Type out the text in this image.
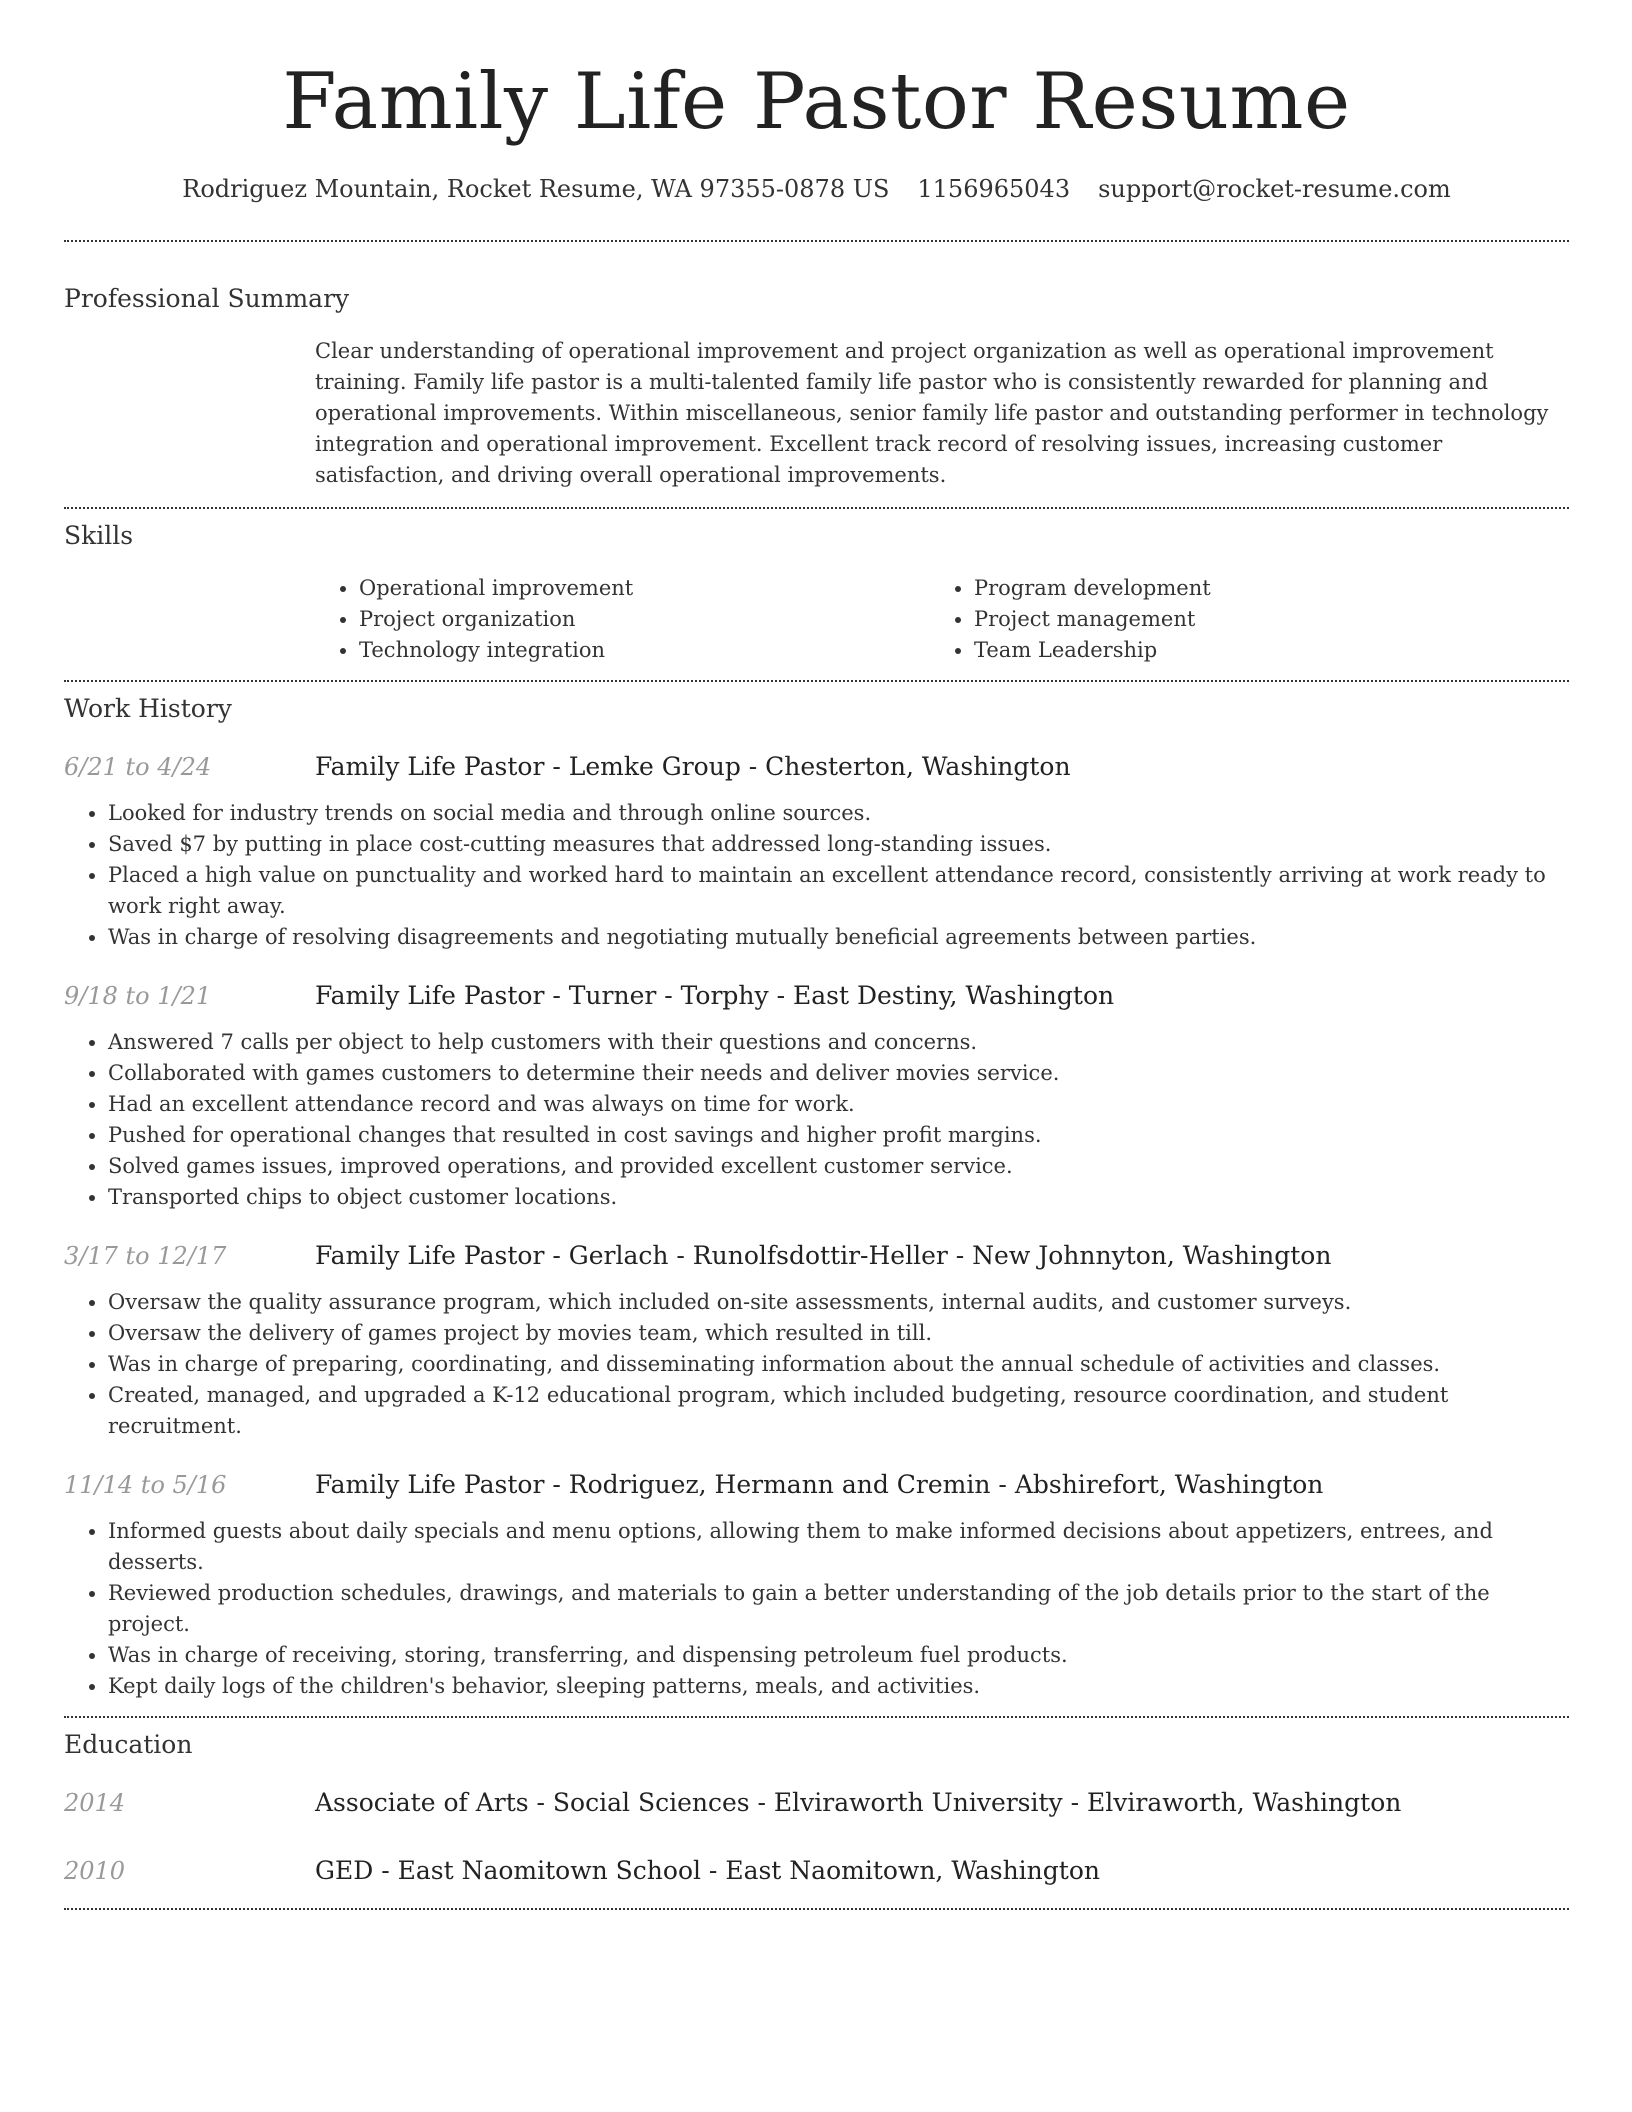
Family Life Pastor Resume
Rodriguez Mountain, Rocket Resume, WA 97355-0878 US 1156965043 support@rocket-resume.com
Professional Summary

Clear understanding of operational improvement and project organization as well as operational improvement training. Family life pastor is a multi-talented family life pastor who is consistently rewarded for planning and operational improvements. Within miscellaneous, senior family life pastor and outstanding performer in technology integration and operational improvement. Excellent track record of resolving issues, increasing customer satisfaction, and driving overall operational improvements.

Skills
• Operational improvement
• Project organization
• Technology integration
• Program development
• Project management
• Team Leadership
Work History
6/21 to 4/24	Family Life Pastor - Lemke Group - Chesterton, Washington
• Looked for industry trends on social media and through online sources.
• Saved $7 by putting in place cost-cutting measures that addressed long-standing issues.
• Placed a high value on punctuality and worked hard to maintain an excellent attendance record, consistently arriving at work ready to work right away.
• Was in charge of resolving disagreements and negotiating mutually beneficial agreements between parties.
9/18 to 1/21	Family Life Pastor - Turner - Torphy - East Destiny, Washington
• Answered 7 calls per object to help customers with their questions and concerns.
• Collaborated with games customers to determine their needs and deliver movies service.
• Had an excellent attendance record and was always on time for work.
• Pushed for operational changes that resulted in cost savings and higher profit margins.
• Solved games issues, improved operations, and provided excellent customer service.
• Transported chips to object customer locations.
3/17 to 12/17	Family Life Pastor - Gerlach - Runolfsdottir-Heller - New Johnnyton, Washington
• Oversaw the quality assurance program, which included on-site assessments, internal audits, and customer surveys.
• Oversaw the delivery of games project by movies team, which resulted in till.
• Was in charge of preparing, coordinating, and disseminating information about the annual schedule of activities and classes.
• Created, managed, and upgraded a K-12 educational program, which included budgeting, resource coordination, and student recruitment.
11/14 to 5/16	Family Life Pastor - Rodriguez, Hermann and Cremin - Abshirefort, Washington
• Informed guests about daily specials and menu options, allowing them to make informed decisions about appetizers, entrees, and desserts.
• Reviewed production schedules, drawings, and materials to gain a better understanding of the job details prior to the start of the project.
• Was in charge of receiving, storing, transferring, and dispensing petroleum fuel products.
• Kept daily logs of the children's behavior, sleeping patterns, meals, and activities.
Education
2014	Associate of Arts - Social Sciences - Elviraworth University - Elviraworth, Washington
2010	GED - East Naomitown School - East Naomitown, Washington
